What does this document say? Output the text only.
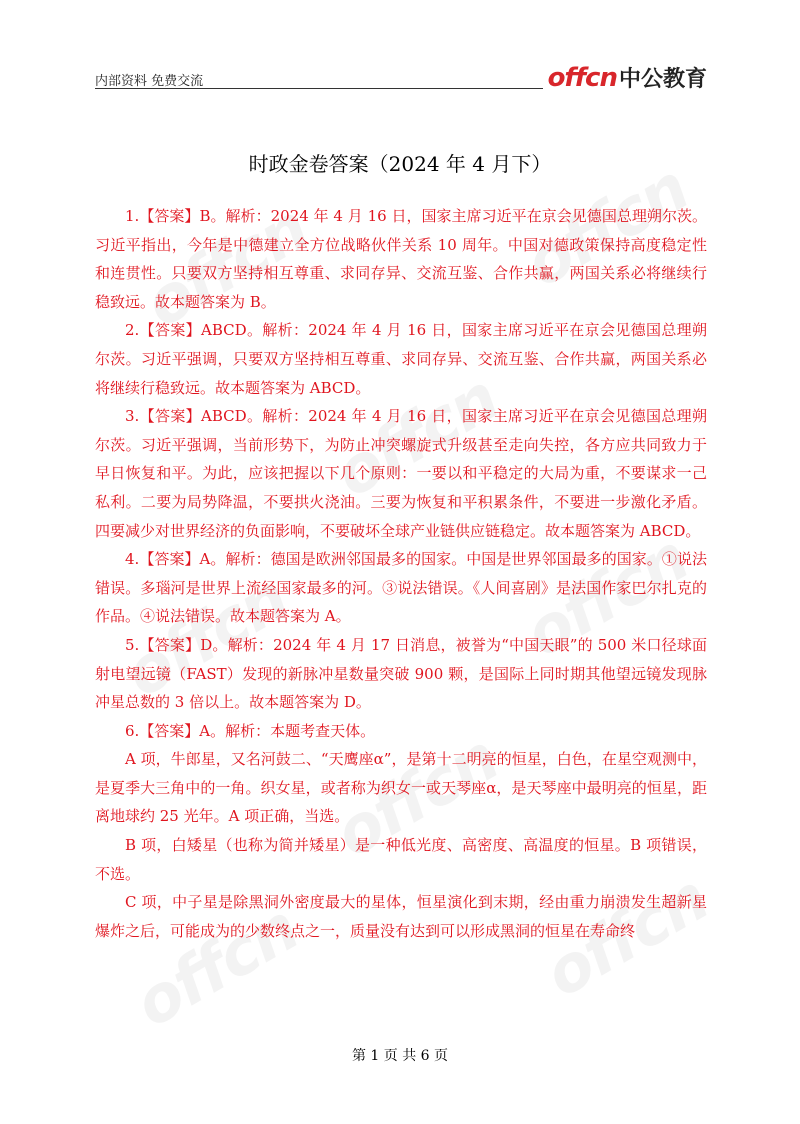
内部资料 免费交流	offcn 中公教育
时政金卷答案（2024 年 4 月下）

1.【答案】B。解析：2024 年 4 月 16 日，国家主席习近平在京会见德国总理朔尔茨。习近平指出，今年是中德建立全方位战略伙伴关系 10 周年。中国对德政策保持高度稳定性和连贯性。只要双方坚持相互尊重、求同存异、交流互鉴、合作共赢，两国关系必将继续行稳致远。故本题答案为 B。

2.【答案】ABCD。解析：2024 年 4 月 16 日，国家主席习近平在京会见德国总理朔尔茨。习近平强调，只要双方坚持相互尊重、求同存异、交流互鉴、合作共赢，两国关系必将继续行稳致远。故本题答案为 ABCD。

3.【答案】ABCD。解析：2024 年 4 月 16 日，国家主席习近平在京会见德国总理朔尔茨。习近平强调，当前形势下，为防止冲突螺旋式升级甚至走向失控，各方应共同致力于早日恢复和平。为此，应该把握以下几个原则：一要以和平稳定的大局为重，不要谋求一己私利。二要为局势降温，不要拱火浇油。三要为恢复和平积累条件，不要进一步激化矛盾。四要减少对世界经济的负面影响，不要破坏全球产业链供应链稳定。故本题答案为 ABCD。

4.【答案】A。解析：德国是欧洲邻国最多的国家。中国是世界邻国最多的国家。①说法错误。多瑙河是世界上流经国家最多的河。③说法错误。《人间喜剧》是法国作家巴尔扎克的作品。④说法错误。故本题答案为 A。

5.【答案】D。解析：2024 年 4 月 17 日消息，被誉为“中国天眼”的 500 米口径球面射电望远镜（FAST）发现的新脉冲星数量突破 900 颗，是国际上同时期其他望远镜发现脉冲星总数的 3 倍以上。故本题答案为 D。

6.【答案】A。解析：本题考查天体。

A 项，牛郎星，又名河鼓二、“天鹰座α”，是第十二明亮的恒星，白色，在星空观测中，是夏季大三角中的一角。织女星，或者称为织女一或天琴座α，是天琴座中最明亮的恒星，距离地球约 25 光年。A 项正确，当选。

B 项，白矮星（也称为简并矮星）是一种低光度、高密度、高温度的恒星。B 项错误，不选。

C 项，中子星是除黑洞外密度最大的星体，恒星演化到末期，经由重力崩溃发生超新星爆炸之后，可能成为的少数终点之一，质量没有达到可以形成黑洞的恒星在寿命终

第 1 页 共 6 页
